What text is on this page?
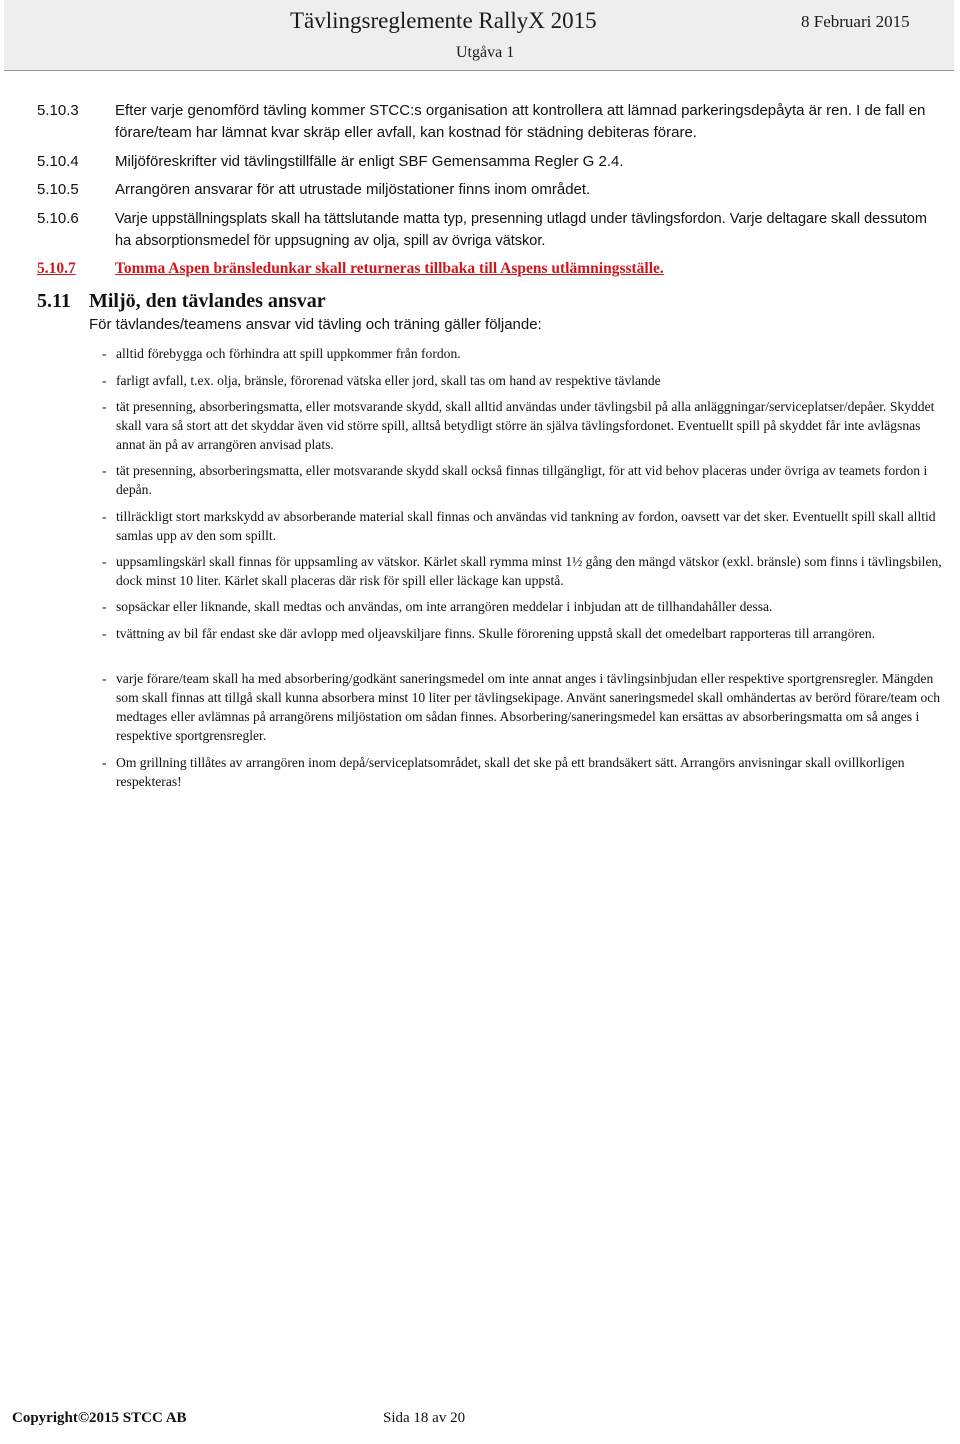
Tävlingsreglemente RallyX 2015	8 Februari 2015
Utgåva 1
5.10.3 Efter varje genomförd tävling kommer STCC:s organisation att kontrollera att lämnad parkeringsdepåyta är ren. I de fall en förare/team har lämnat kvar skräp eller avfall, kan kostnad för städning debiteras förare.
5.10.4 Miljöföreskrifter vid tävlingstillfälle är enligt SBF Gemensamma Regler G 2.4.
5.10.5 Arrangören ansvarar för att utrustade miljöstationer finns inom området.
5.10.6	Varje uppställningsplats skall ha tättslutande matta typ, presenning utlagd under tävlingsfordon. Varje deltagare skall dessutom ha absorptionsmedel för uppsugning av olja, spill av övriga vätskor.
5.10.7	Tomma Aspen bränsledunkar skall returneras tillbaka till Aspens utlämningsställe.
5.11 Miljö, den tävlandes ansvar
För tävlandes/teamens ansvar vid tävling och träning gäller följande:
- alltid förebygga och förhindra att spill uppkommer från fordon.
- farligt avfall, t.ex. olja, bränsle, förorenad vätska eller jord, skall tas om hand av respektive tävlande
- tät presenning, absorberingsmatta, eller motsvarande skydd, skall alltid användas under tävlingsbil på alla anläggningar/serviceplatser/depåer. Skyddet skall vara så stort att det skyddar även vid större spill, alltså betydligt större än själva tävlingsfordonet. Eventuellt spill på skyddet får inte avlägsnas annat än på av arrangören anvisad plats.
- tät presenning, absorberingsmatta, eller motsvarande skydd skall också finnas tillgängligt, för att vid behov placeras under övriga av teamets fordon i depån.
- tillräckligt stort markskydd av absorberande material skall finnas och användas vid tankning av fordon, oavsett var det sker. Eventuellt spill skall alltid samlas upp av den som spillt.
- uppsamlingskärl skall finnas för uppsamling av vätskor. Kärlet skall rymma minst 1½ gång den mängd vätskor (exkl. bränsle) som finns i tävlingsbilen, dock minst 10 liter. Kärlet skall placeras där risk för spill eller läckage kan uppstå.
- sopsäckar eller liknande, skall medtas och användas, om inte arrangören meddelar i inbjudan att de tillhandahåller dessa.
- tvättning av bil får endast ske där avlopp med oljeavskiljare finns. Skulle förorening uppstå skall det omedelbart rapporteras till arrangören.
- varje förare/team skall ha med absorbering/godkänt saneringsmedel om inte annat anges i tävlingsinbjudan eller respektive sportgrensregler. Mängden som skall finnas att tillgå skall kunna absorbera minst 10 liter per tävlingsekipage. Använt saneringsmedel skall omhändertas av berörd förare/team och medtages eller avlämnas på arrangörens miljöstation om sådan finnes. Absorbering/saneringsmedel kan ersättas av absorberingsmatta om så anges i respektive sportgrensregler.
- Om grillning tillåtes av arrangören inom depå/serviceplatsområdet, skall det ske på ett brandsäkert sätt. Arrangörs anvisningar skall ovillkorligen respekteras!
Copyright©2015 STCC AB	Sida 18 av 20
